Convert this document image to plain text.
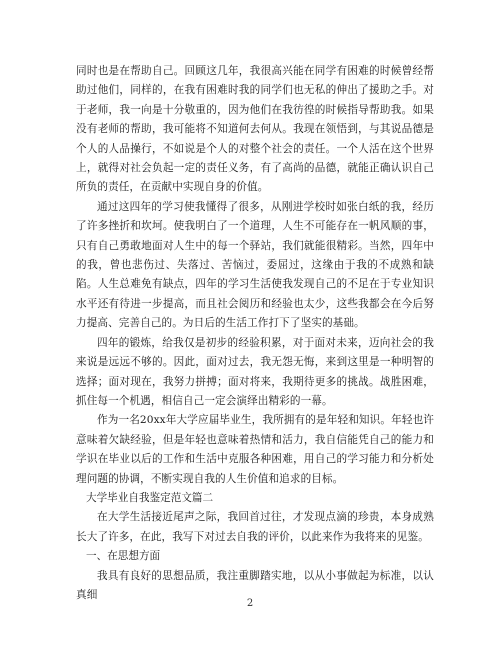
同时也是在帮助自己。回顾这几年，我很高兴能在同学有困难的时候曾经帮助过他们，同样的，在我有困难时我的同学们也无私的伸出了援助之手。对于老师，我一向是十分敬重的，因为他们在我彷徨的时候指导帮助我。如果没有老师的帮助，我可能将不知道何去何从。我现在领悟到，与其说品德是个人的人品操行，不如说是个人的对整个社会的责任。一个人活在这个世界上，就得对社会负起一定的责任义务，有了高尚的品德，就能正确认识自己所负的责任，在贡献中实现自身的价值。

通过这四年的学习使我懂得了很多，从刚进学校时如张白纸的我，经历了许多挫折和坎坷。使我明白了一个道理，人生不可能存在一帆风顺的事，只有自己勇敢地面对人生中的每一个驿站，我们就能很精彩。当然，四年中的我，曾也悲伤过、失落过、苦恼过，委屈过，这缘由于我的不成熟和缺陷。人生总难免有缺点，四年的学习生活使我发现自己的不足在于专业知识水平还有待进一步提高，而且社会阅历和经验也太少，这些我都会在今后努力提高、完善自己的。为日后的生活工作打下了坚实的基础。

四年的锻炼，给我仅是初步的经验积累，对于面对未来，迈向社会的我来说是远远不够的。因此，面对过去，我无怨无悔，来到这里是一种明智的选择；面对现在，我努力拼搏；面对将来，我期待更多的挑战。战胜困难，抓住每一个机遇，相信自己一定会演绎出精彩的一幕。

作为一名20xx年大学应届毕业生，我所拥有的是年轻和知识。年轻也许意味着欠缺经验，但是年轻也意味着热情和活力，我自信能凭自己的能力和学识在毕业以后的工作和生活中克服各种困难，用自己的学习能力和分析处理问题的协调，不断实现自我的人生价值和追求的目标。

大学毕业自我鉴定范文篇二

在大学生活接近尾声之际，我回首过往，才发现点滴的珍贵，本身成熟长大了许多，在此，我写下对过去自我的评价，以此来作为我将来的见鉴。

一、在思想方面

我具有良好的思想品质，我注重脚踏实地，以从小事做起为标准，以认真细

2
